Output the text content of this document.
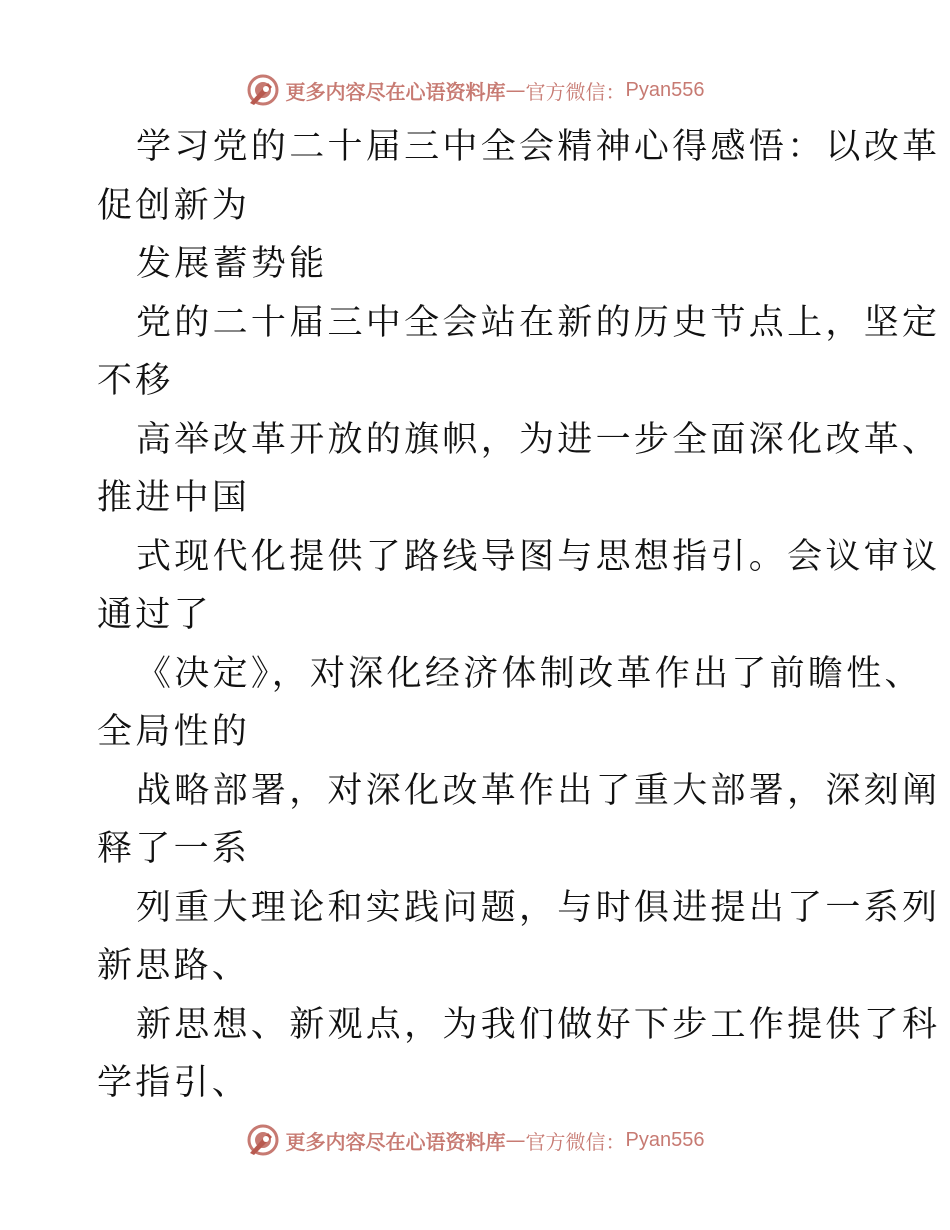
更多内容尽在心语资料库 — 官方微信： Pyan556

学习党的二十届三中全会精神心得感悟：以改革
促创新为

发展蓄势能

党的二十届三中全会站在新的历史节点上，坚定
不移

高举改革开放的旗帜，为进一步全面深化改革、
推进中国

式现代化提供了路线导图与思想指引。会议审议
通过了

《决定》，对深化经济体制改革作出了前瞻性、
全局性的

战略部署，对深化改革作出了重大部署，深刻阐
释了一系

列重大理论和实践问题，与时俱进提出了一系列
新思路、

新思想、新观点，为我们做好下步工作提供了科
学指引、

更多内容尽在心语资料库 — 官方微信： Pyan556
